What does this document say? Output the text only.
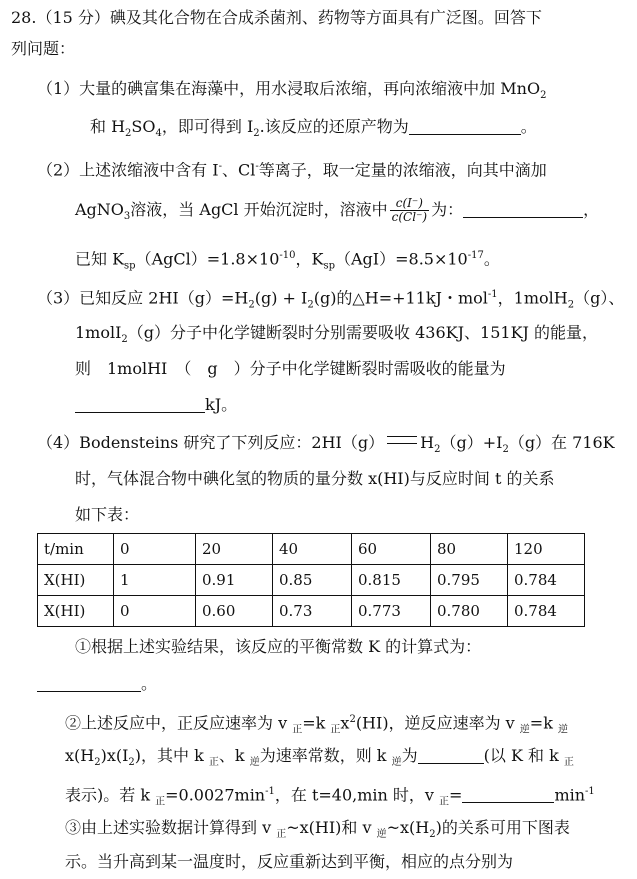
28.（15 分）碘及其化合物在合成杀菌剂、药物等方面具有广泛图。回答下
列问题：
（1）大量的碘富集在海藻中，用水浸取后浓缩，再向浓缩液中加 MnO$_2$
和 $H_2SO_4$，即可得到 $I_2$.该反应的还原产物为	。
（2）上述浓缩液中含有 I-、Cl-等离子，取一定量的浓缩液，向其中滴加
AgNO$_3$溶液，当 AgCl 开始沉淀时，溶液中 $\frac{c(I^-)}{c(Cl^-)}$ 为：	，
已知 $K_{sp}(AgCl)=1.8\times 10^{-10}$，$K_{sp}(AgI)=8.5\times 10^{-17}$。
（3）已知反应 $2HI(g)=H_2(g) + I_2(g)$的△H=+11kJ・mol$^{-1}$，1molH$_2$（g）、
1molI$_2$（g）分子中化学键断裂时分别需要吸收 436KJ、151KJ 的能量，
则　1molHI　（　g　）分子中化学键断裂时需吸收的能量为
kJ。
（4）Bodensteins 研究了下列反应：2HI（g） $H_2(g)+I_2(g)$在 716K
时，气体混合物中碘化氢的物质的量分数 x(HI)与反应时间 t 的关系
如下表：
t/min	0	20	40	60	80	120
X(HI)	1	0.91	0.85	0.815	0.795	0.784
X(HI)	0	0.60	0.73	0.773	0.780	0.784
①根据上述实验结果，该反应的平衡常数 K 的计算式为：
。
②上述反应中，正反应速率为 v $_正$=k $_正x^2(HI)$，逆反应速率为 v $_逆$=k $_逆$
$x(H_2)x(I_2)$，其中 k $_正$、k $_逆$为速率常数，则 k $_逆$为	(以 K 和 k $_正$
表示)。若 k $_正=0.0027\min^{-1}$，在 t=40,min 时，v $_正$=	$\min^{-1}$
③由上述实验数据计算得到 v $_正$~x(HI)和 v $_逆\sim x(H_2)$的关系可用下图表
示。当升高到某一温度时，反应重新达到平衡，相应的点分别为
